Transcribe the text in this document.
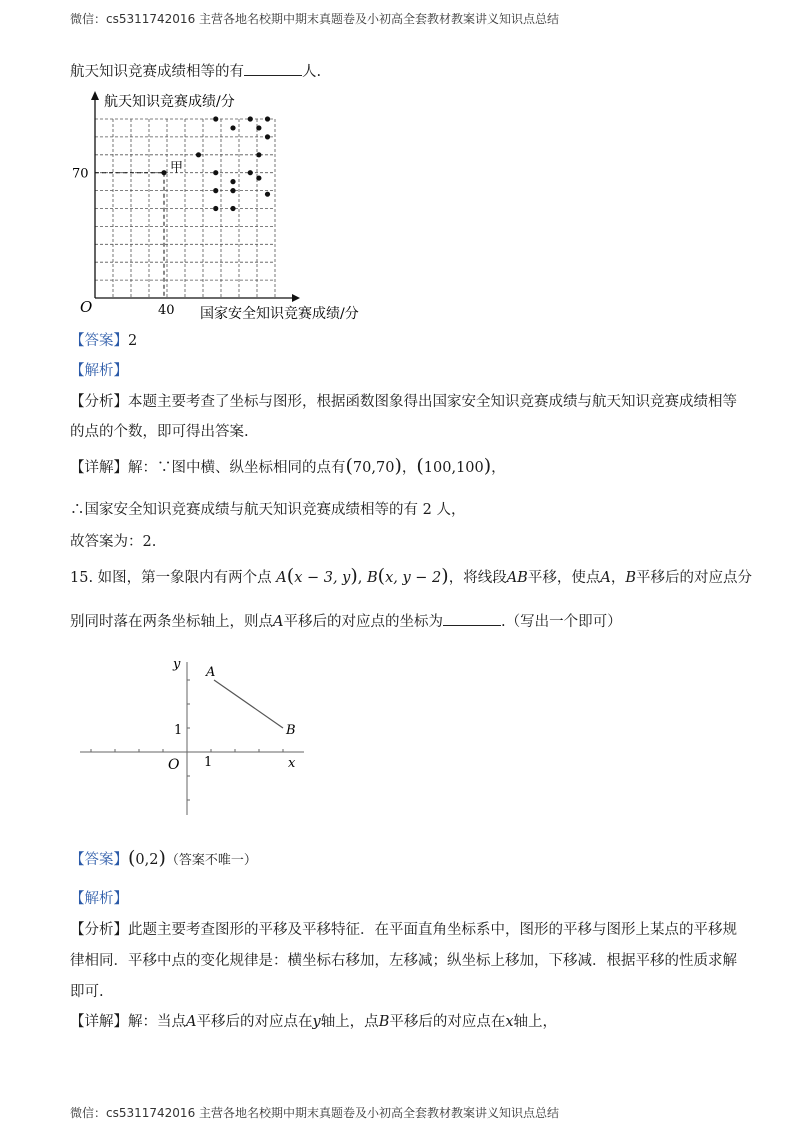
微信：cs5311742016 主营各地名校期中期末真题卷及小初高全套教材教案讲义知识点总结
航天知识竞赛成绩相等的有	人.
航天知识竞赛成绩/分
国家安全知识竞赛成绩/分
O	40
70	甲
【答案】2
【解析】
【分析】本题主要考查了坐标与图形，根据函数图象得出国家安全知识竞赛成绩与航天知识竞赛成绩相等
的点的个数，即可得出答案.
【详解】解：∵图中横、纵坐标相同的点有(70,70)，(100,100)，
∴国家安全知识竞赛成绩与航天知识竞赛成绩相等的有 2 人，
故答案为：2.
15. 如图，第一象限内有两个点 A(x − 3, y), B(x, y − 2)，将线段AB平移，使点A，B平移后的对应点分
别同时落在两条坐标轴上，则点A平移后的对应点的坐标为	.（写出一个即可）
y
x
O
1
1
A
B
【答案】(0,2)（答案不唯一）
【解析】
【分析】此题主要考查图形的平移及平移特征．在平面直角坐标系中，图形的平移与图形上某点的平移规
律相同．平移中点的变化规律是：横坐标右移加，左移减；纵坐标上移加，下移减．根据平移的性质求解
即可.
【详解】解：当点A平移后的对应点在y轴上，点B平移后的对应点在x轴上，
微信：cs5311742016 主营各地名校期中期末真题卷及小初高全套教材教案讲义知识点总结
